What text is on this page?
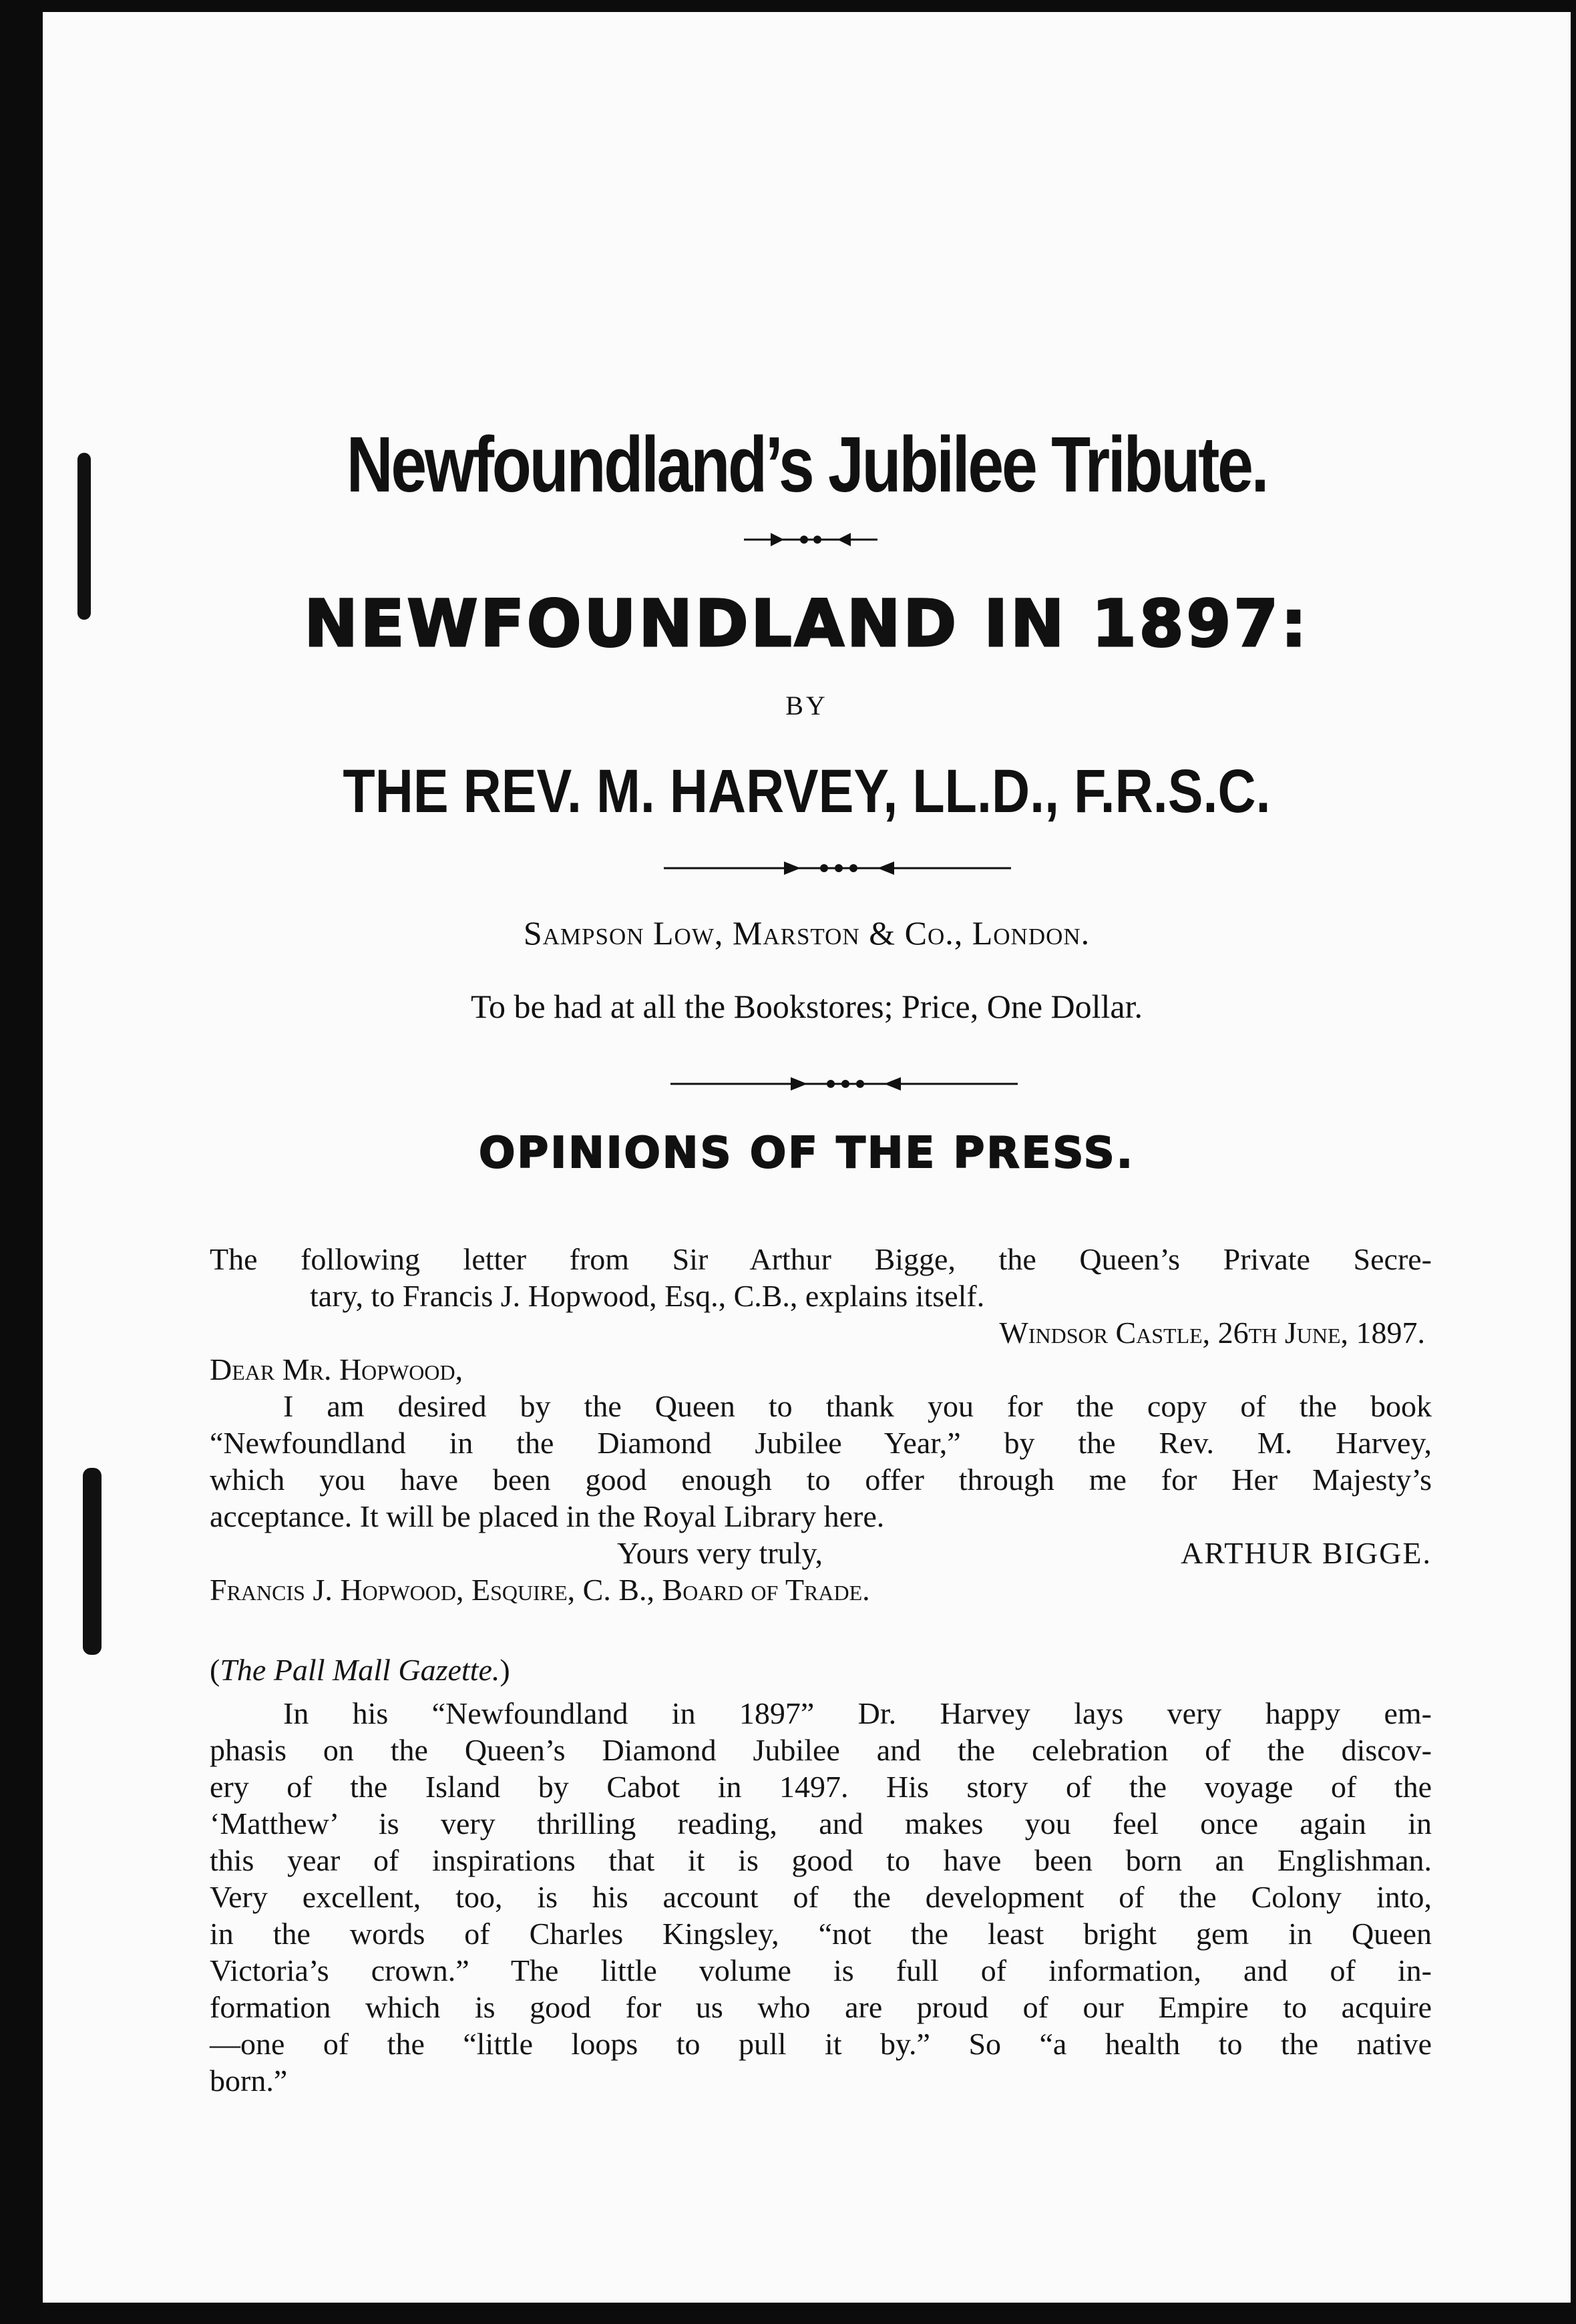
Newfoundland’s Jubilee Tribute.
NEWFOUNDLAND IN 1897:
BY
THE REV. M. HARVEY, LL.D., F.R.S.C.
Sampson Low, Marston & Co., London.
To be had at all the Bookstores; Price, One Dollar.
OPINIONS OF THE PRESS.

The following letter from Sir Arthur Bigge, the Queen’s Private Secre-

tary, to Francis J. Hopwood, Esq., C.B., explains itself.

Windsor Castle, 26th June, 1897.

Dear Mr. Hopwood,

I am desired by the Queen to thank you for the copy of the book

“Newfoundland in the Diamond Jubilee Year,” by the Rev. M. Harvey,

which you have been good enough to offer through me for Her Majesty’s

acceptance. It will be placed in the Royal Library here.

Yours very truly,	ARTHUR BIGGE.

Francis J. Hopwood, Esquire, C. B., Board of Trade.

(The Pall Mall Gazette.)

In his “Newfoundland in 1897” Dr. Harvey lays very happy em-

phasis on the Queen’s Diamond Jubilee and the celebration of the discov-

ery of the Island by Cabot in 1497. His story of the voyage of the

‘Matthew’ is very thrilling reading, and makes you feel once again in

this year of inspirations that it is good to have been born an Englishman.

Very excellent, too, is his account of the development of the Colony into,

in the words of Charles Kingsley, “not the least bright gem in Queen

Victoria’s crown.” The little volume is full of information, and of in-

formation which is good for us who are proud of our Empire to acquire

—one of the “little loops to pull it by.” So “a health to the native

born.”
